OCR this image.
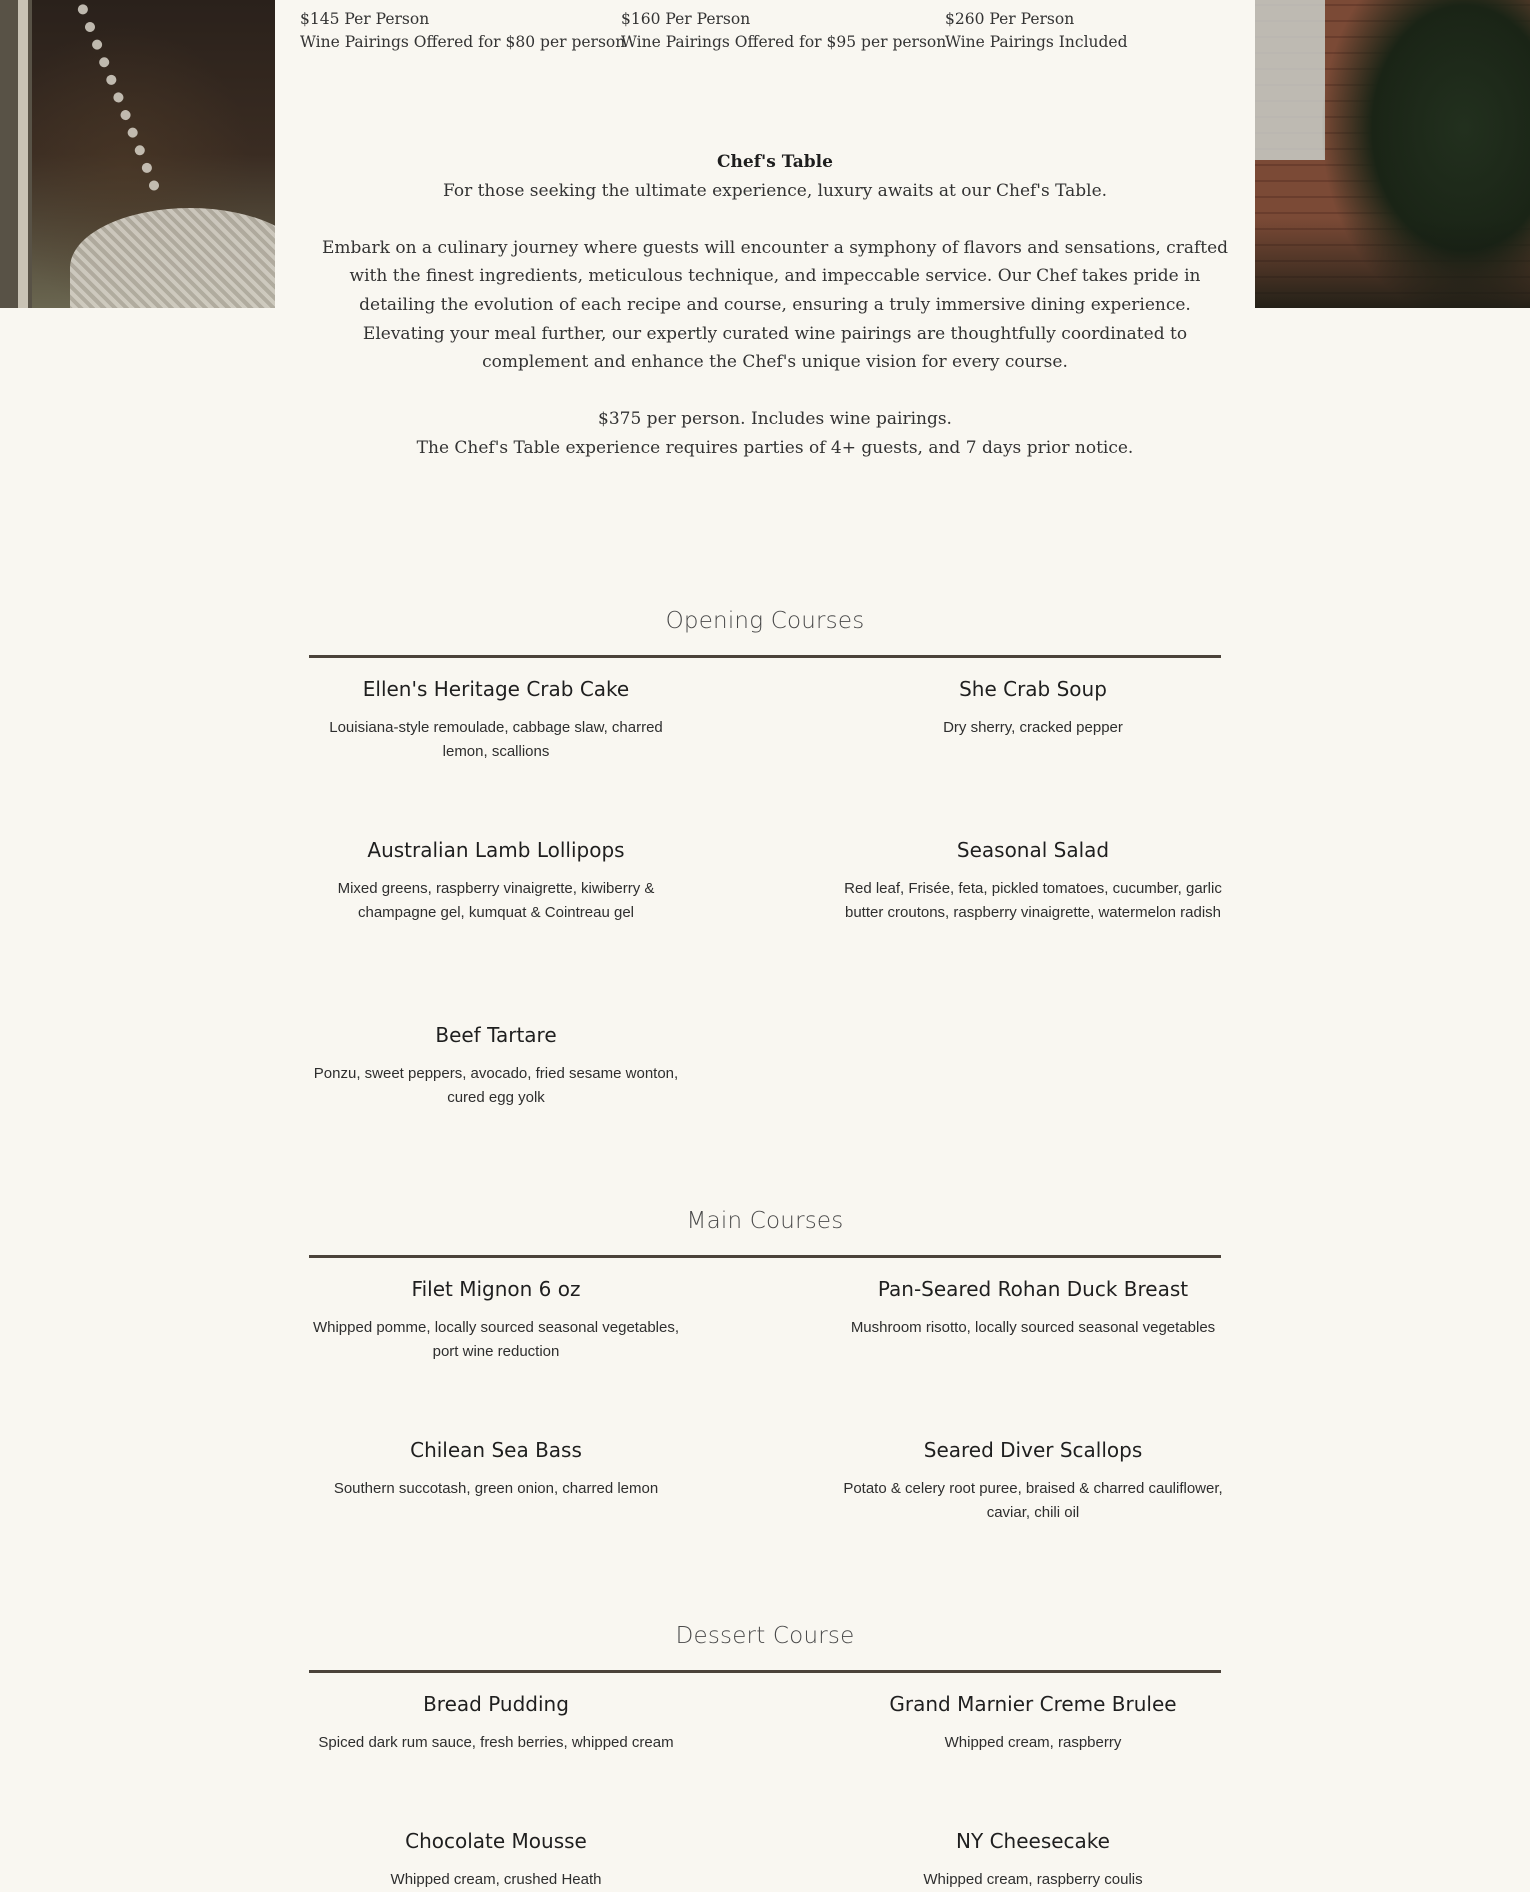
$145 Per Person
Wine Pairings Offered for $80 per person
$160 Per Person
Wine Pairings Offered for $95 per person
$260 Per Person
Wine Pairings Included
Chef's Table
For those seeking the ultimate experience, luxury awaits at our Chef's Table.
Embark on a culinary journey where guests will encounter a symphony of flavors and sensations, crafted with the finest ingredients, meticulous technique, and impeccable service. Our Chef takes pride in detailing the evolution of each recipe and course, ensuring a truly immersive dining experience. Elevating your meal further, our expertly curated wine pairings are thoughtfully coordinated to complement and enhance the Chef's unique vision for every course.
$375 per person. Includes wine pairings.
The Chef's Table experience requires parties of 4+ guests, and 7 days prior notice.
Opening Courses
Ellen's Heritage Crab Cake
Louisiana-style remoulade, cabbage slaw, charred lemon, scallions
She Crab Soup
Dry sherry, cracked pepper
Australian Lamb Lollipops
Mixed greens, raspberry vinaigrette, kiwiberry & champagne gel, kumquat & Cointreau gel
Seasonal Salad
Red leaf, Frisée, feta, pickled tomatoes, cucumber, garlic butter croutons, raspberry vinaigrette, watermelon radish
Beef Tartare
Ponzu, sweet peppers, avocado, fried sesame wonton, cured egg yolk
Main Courses
Filet Mignon 6 oz
Whipped pomme, locally sourced seasonal vegetables, port wine reduction
Pan-Seared Rohan Duck Breast
Mushroom risotto, locally sourced seasonal vegetables
Chilean Sea Bass
Southern succotash, green onion, charred lemon
Seared Diver Scallops
Potato & celery root puree, braised & charred cauliflower, caviar, chili oil
Dessert Course
Bread Pudding
Spiced dark rum sauce, fresh berries, whipped cream
Grand Marnier Creme Brulee
Whipped cream, raspberry
Chocolate Mousse
Whipped cream, crushed Heath
NY Cheesecake
Whipped cream, raspberry coulis
